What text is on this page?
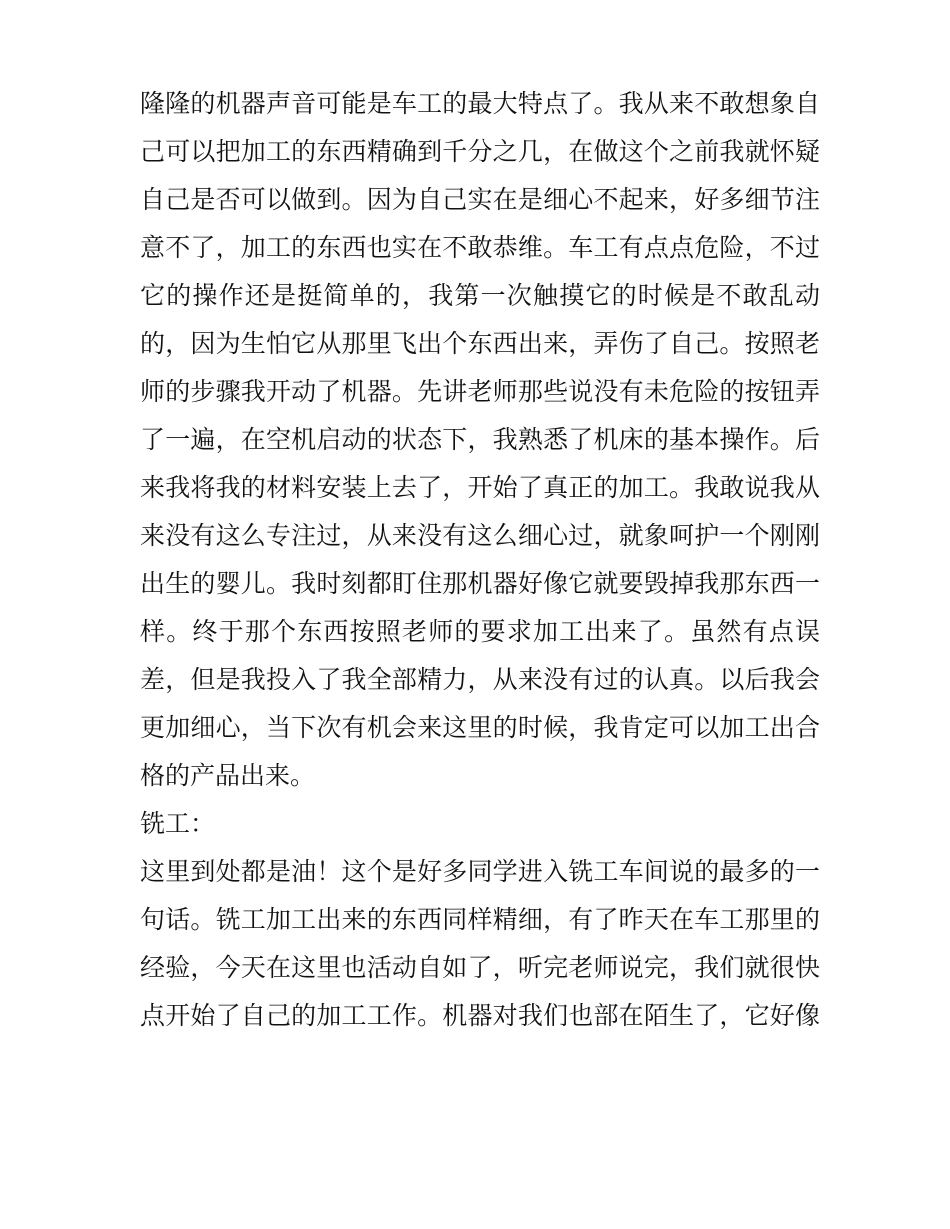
隆隆的机器声音可能是车工的最大特点了。我从来不敢想象自
己可以把加工的东西精确到千分之几，在做这个之前我就怀疑
自己是否可以做到。因为自己实在是细心不起来，好多细节注
意不了，加工的东西也实在不敢恭维。车工有点点危险，不过
它的操作还是挺简单的，我第一次触摸它的时候是不敢乱动
的，因为生怕它从那里飞出个东西出来，弄伤了自己。按照老
师的步骤我开动了机器。先讲老师那些说没有未危险的按钮弄
了一遍，在空机启动的状态下，我熟悉了机床的基本操作。后
来我将我的材料安装上去了，开始了真正的加工。我敢说我从
来没有这么专注过，从来没有这么细心过，就象呵护一个刚刚
出生的婴儿。我时刻都盯住那机器好像它就要毁掉我那东西一
样。终于那个东西按照老师的要求加工出来了。虽然有点误
差，但是我投入了我全部精力，从来没有过的认真。以后我会
更加细心，当下次有机会来这里的时候，我肯定可以加工出合
格的产品出来。
铣工：
这里到处都是油！这个是好多同学进入铣工车间说的最多的一
句话。铣工加工出来的东西同样精细，有了昨天在车工那里的
经验，今天在这里也活动自如了，听完老师说完，我们就很快
点开始了自己的加工工作。机器对我们也部在陌生了，它好像
